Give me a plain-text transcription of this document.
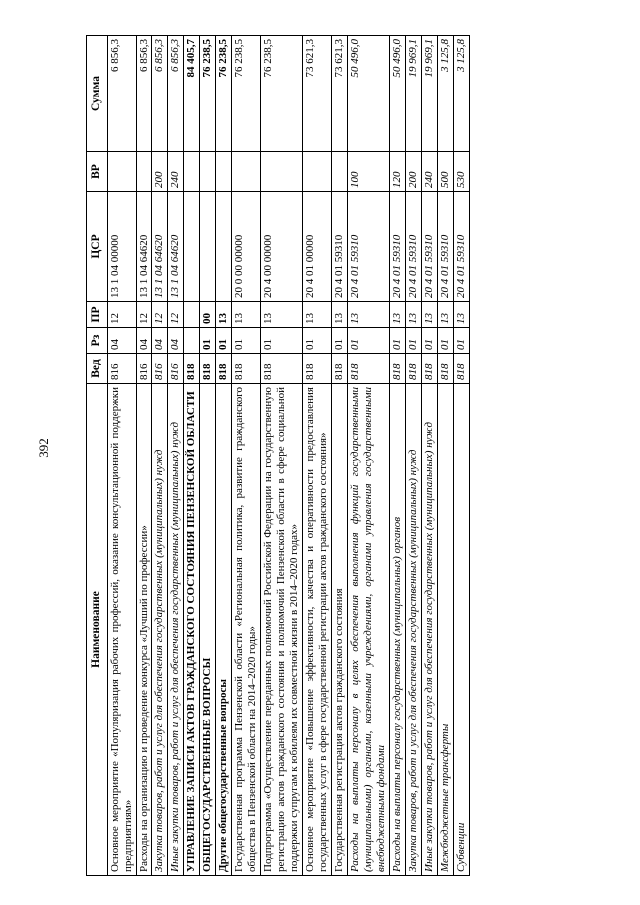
392
Наименование	Вед	Рз	ПР	ЦСР	ВР	Сумма
Основное мероприятие «Популяризация рабочих профессий, оказание консультационной поддержки предприятиям»	816	04	12	13 1 04 00000		6 856,3
Расходы на организацию и проведение конкурса «Лучший по профессии»	816	04	12	13 1 04 64620		6 856,3
Закупка товаров, работ и услуг для обеспечения государственных (муниципальных) нужд	816	04	12	13 1 04 64620	200	6 856,3
Иные закупки товаров, работ и услуг для обеспечения государственных (муниципальных) нужд	816	04	12	13 1 04 64620	240	6 856,3
УПРАВЛЕНИЕ ЗАПИСИ АКТОВ ГРАЖДАНСКОГО СОСТОЯНИЯ ПЕНЗЕНСКОЙ ОБЛАСТИ	818					84 405,7
ОБЩЕГОСУДАРСТВЕННЫЕ ВОПРОСЫ	818	01	00			76 238,5
Другие общегосударственные вопросы	818	01	13			76 238,5
Государственная программа Пензенской области «Региональная политика, развитие гражданского общества в Пензенской области на 2014–2020 годы»	818	01	13	20 0 00 00000		76 238,5
Подпрограмма «Осуществление переданных полномочий Российской Федерации на государственную регистрацию актов гражданского состояния и полномочий Пензенской области в сфере социальной поддержки супругам к юбилеям их совместной жизни в 2014–2020 годах»	818	01	13	20 4 00 00000		76 238,5
Основное мероприятие «Повышение эффективности, качества и оперативности предоставления государственных услуг в сфере государственной регистрации актов гражданского состояния»	818	01	13	20 4 01 00000		73 621,3
Государственная регистрация актов гражданского состояния	818	01	13	20 4 01 59310		73 621,3
Расходы на выплаты персоналу в целях обеспечения выполнения функций государственными (муниципальными) органами, казенными учреждениями, органами управления государственными внебюджетными фондами	818	01	13	20 4 01 59310	100	50 496,0
Расходы на выплаты персоналу государственных (муниципальных) органов	818	01	13	20 4 01 59310	120	50 496,0
Закупка товаров, работ и услуг для обеспечения государственных (муниципальных) нужд	818	01	13	20 4 01 59310	200	19 969,1
Иные закупки товаров, работ и услуг для обеспечения государственных (муниципальных) нужд	818	01	13	20 4 01 59310	240	19 969,1
Межбюджетные трансферты	818	01	13	20 4 01 59310	500	3 125,8
Субвенции	818	01	13	20 4 01 59310	530	3 125,8
